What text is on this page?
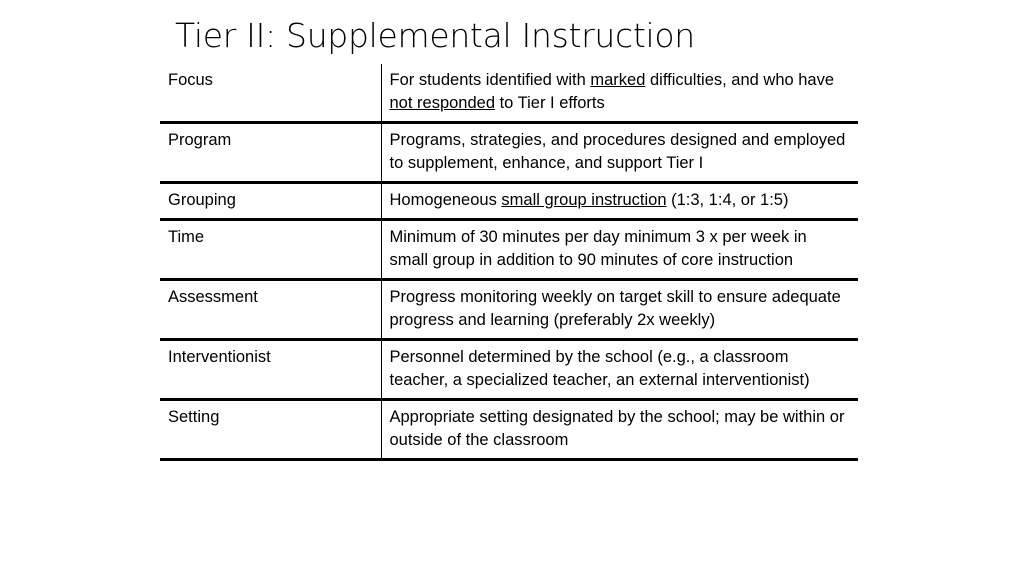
Tier II: Supplemental Instruction
Focus	For students identified with marked difficulties, and who have not responded to Tier I efforts
Program	Programs, strategies, and procedures designed and employed to supplement, enhance, and support Tier I
Grouping	Homogeneous small group instruction (1:3, 1:4, or 1:5)
Time	Minimum of 30 minutes per day minimum 3 x per week in small group in addition to 90 minutes of core instruction
Assessment	Progress monitoring weekly on target skill to ensure adequate progress and learning (preferably 2x weekly)
Interventionist	Personnel determined by the school (e.g., a classroom teacher, a specialized teacher, an external interventionist)
Setting	Appropriate setting designated by the school; may be within or outside of the classroom
